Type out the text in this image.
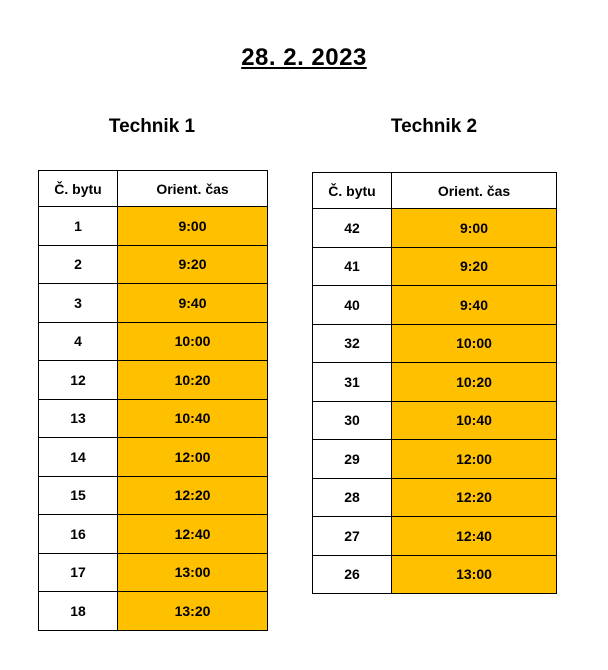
28. 2. 2023
Technik 1	Technik 2
Č. bytu	Orient. čas
1	9:00
2	9:20
3	9:40
4	10:00
12	10:20
13	10:40
14	12:00
15	12:20
16	12:40
17	13:00
18	13:20
Č. bytu	Orient. čas
42	9:00
41	9:20
40	9:40
32	10:00
31	10:20
30	10:40
29	12:00
28	12:20
27	12:40
26	13:00
